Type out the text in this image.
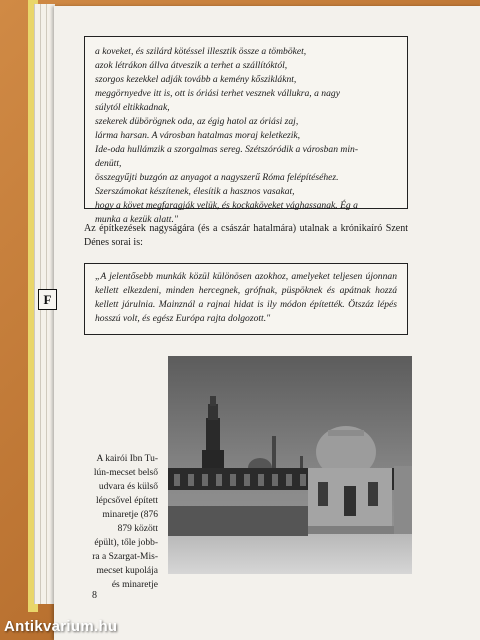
a koveket, és szilárd kötéssel illesztik össze a tömböket,

azok létrákon állva átveszik a terhet a szállítóktól,

szorgos kezekkel adják tovább a kemény kőszikláknt,

meggörnyedve itt is, ott is óriási terhet vesznek vállukra, a nagy

súlytól eltikkadnak,

szekerek dübörögnek oda, az égig hatol az óriási zaj,

lárma harsan. A városban hatalmas moraj keletkezik,

Ide-oda hullámzik a szorgalmas sereg. Szétszóródik a városban min-

denütt,

összegyűjti buzgón az anyagot a nagyszerű Róma felépítéséhez.

Szerszámokat készítenek, élesítik a hasznos vasakat,

hogy a követ megfaragják velük, és kockaköveket vághassanak. Ég a

munka a kezük alatt."

Az építkezések nagyságára (és a császár hatalmára) utalnak a krónikaíró Szent Dénes sorai is:
F
„A jelentősebb munkák közül különösen azokhoz, amelyeket teljesen újonnan kellett elkezdeni, minden hercegnek, grófnak, püspöknek és apátnak hozzá kellett járulnia. Mainznál a rajnai hidat is ily módon építették. Ötszáz lépés hosszú volt, és egész Európa rajta dolgozott."
A kairói Ibn Tu-
lún-mecset belső
udvara és külső
lépcsővel épített
minaretje (876
879 között
épült), tőle jobb-
ra a Szargat-Mis-
mecset kupolája
és minaretje
8
Antikvarium.hu
